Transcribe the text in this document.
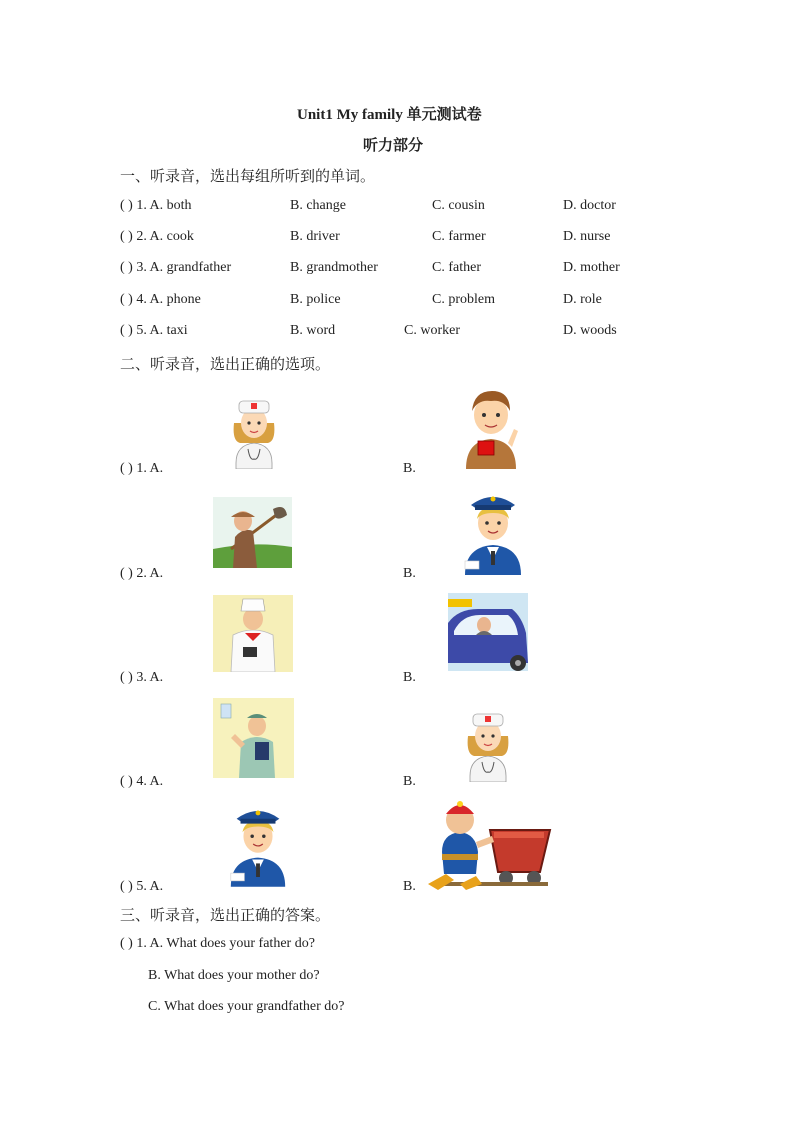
Unit1 My family 单元测试卷
听力部分
一、听录音，选出每组所听到的单词。
( ) 1. A. both	B. change	C. cousin	D. doctor
( ) 2. A. cook	B. driver	C. farmer	D. nurse
( ) 3. A. grandfather	B. grandmother	C. father	D. mother
( ) 4. A. phone	B. police	C. problem	D. role
( ) 5. A. taxi	B. word	C. worker	D. woods
二、听录音，选出正确的选项。
( ) 1. A.	B.
( ) 2. A.	B.
( ) 3. A.	B.
( ) 4. A.	B.
( ) 5. A.	B.
三、听录音，选出正确的答案。
( ) 1. A. What does your father do?
B. What does your mother do?
C. What does your grandfather do?
